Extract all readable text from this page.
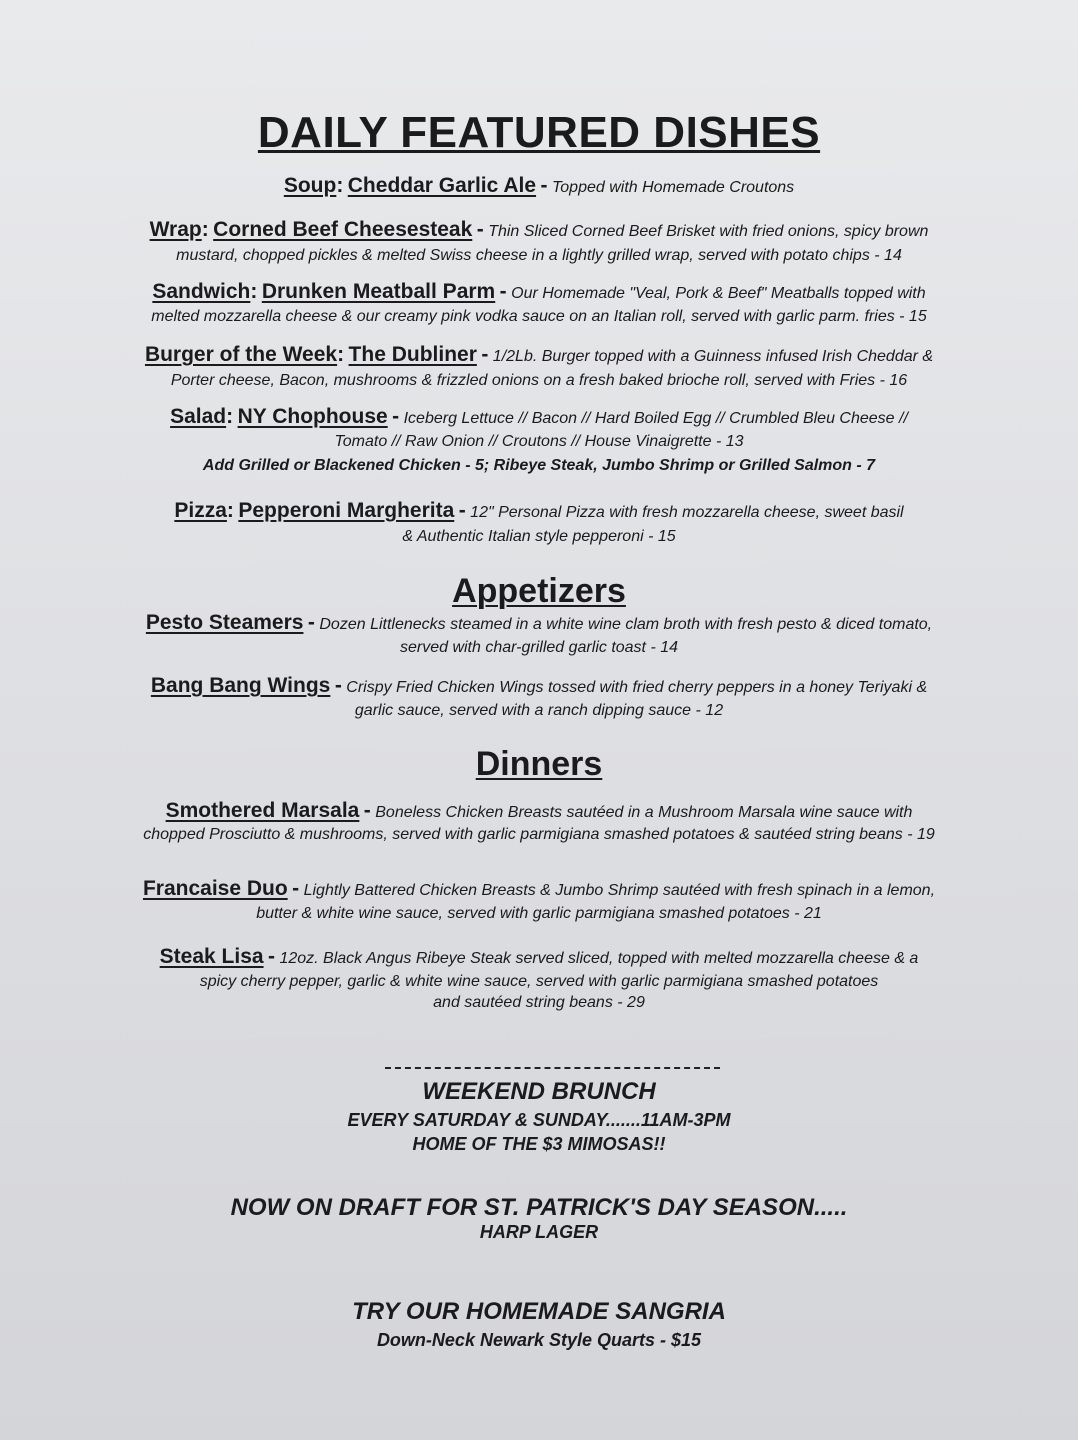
DAILY FEATURED DISHES
Soup: Cheddar Garlic Ale - Topped with Homemade Croutons
Wrap: Corned Beef Cheesesteak - Thin Sliced Corned Beef Brisket with fried onions, spicy brown
mustard, chopped pickles & melted Swiss cheese in a lightly grilled wrap, served with potato chips - 14
Sandwich: Drunken Meatball Parm - Our Homemade "Veal, Pork & Beef" Meatballs topped with
melted mozzarella cheese & our creamy pink vodka sauce on an Italian roll, served with garlic parm. fries - 15
Burger of the Week: The Dubliner - 1/2Lb. Burger topped with a Guinness infused Irish Cheddar &
Porter cheese, Bacon, mushrooms & frizzled onions on a fresh baked brioche roll, served with Fries - 16
Salad: NY Chophouse - Iceberg Lettuce // Bacon // Hard Boiled Egg // Crumbled Bleu Cheese //
Tomato // Raw Onion // Croutons // House Vinaigrette - 13
Add Grilled or Blackened Chicken - 5; Ribeye Steak, Jumbo Shrimp or Grilled Salmon - 7
Pizza: Pepperoni Margherita - 12" Personal Pizza with fresh mozzarella cheese, sweet basil
& Authentic Italian style pepperoni - 15
Appetizers
Pesto Steamers - Dozen Littlenecks steamed in a white wine clam broth with fresh pesto & diced tomato,
served with char-grilled garlic toast - 14
Bang Bang Wings - Crispy Fried Chicken Wings tossed with fried cherry peppers in a honey Teriyaki &
garlic sauce, served with a ranch dipping sauce - 12
Dinners
Smothered Marsala - Boneless Chicken Breasts sautéed in a Mushroom Marsala wine sauce with
chopped Prosciutto & mushrooms, served with garlic parmigiana smashed potatoes & sautéed string beans - 19
Francaise Duo - Lightly Battered Chicken Breasts & Jumbo Shrimp sautéed with fresh spinach in a lemon,
butter & white wine sauce, served with garlic parmigiana smashed potatoes - 21
Steak Lisa - 12oz. Black Angus Ribeye Steak served sliced, topped with melted mozzarella cheese & a
spicy cherry pepper, garlic & white wine sauce, served with garlic parmigiana smashed potatoes
and sautéed string beans - 29
WEEKEND BRUNCH
EVERY SATURDAY & SUNDAY.......11AM-3PM
HOME OF THE $3 MIMOSAS!!
NOW ON DRAFT FOR ST. PATRICK'S DAY SEASON.....
HARP LAGER
TRY OUR HOMEMADE SANGRIA
Down-Neck Newark Style Quarts - $15
